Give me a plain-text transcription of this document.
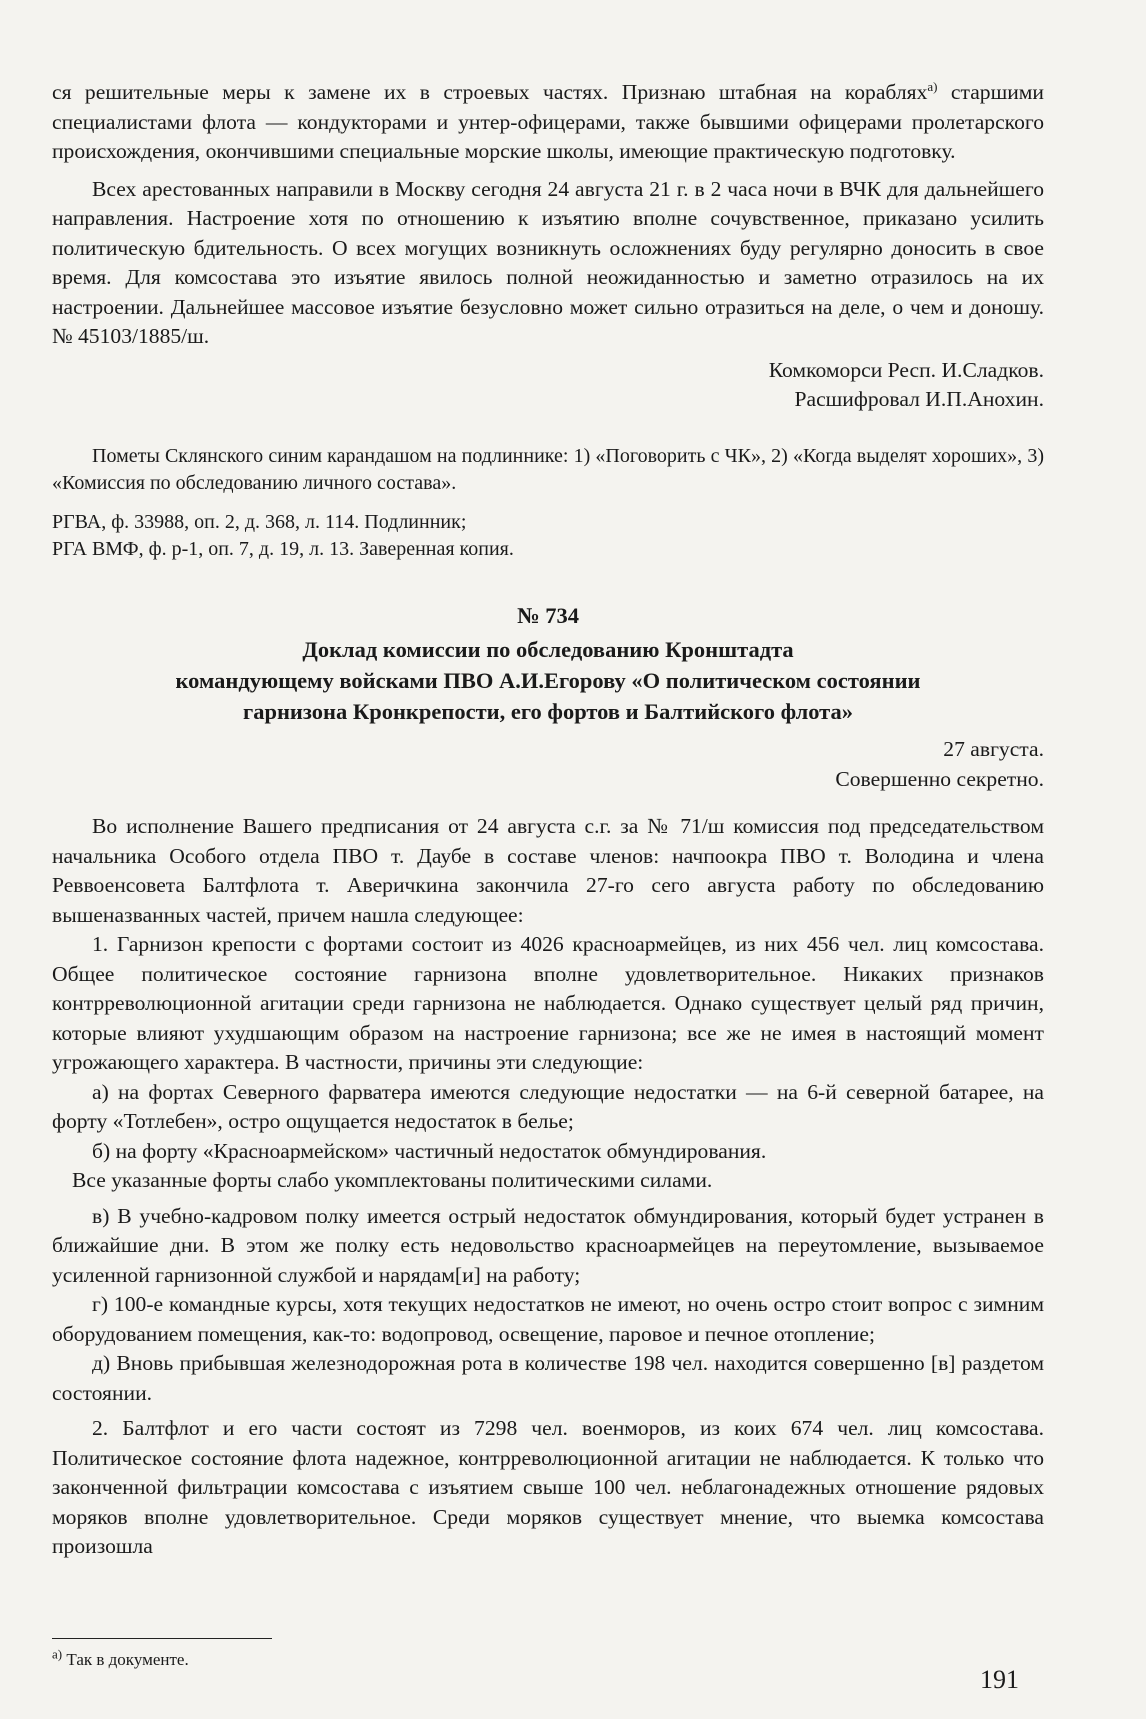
ся решительные меры к замене их в строевых частях. Признаю штабная на кораблях$^{а)}$ старшими специалистами флота — кондукторами и унтер-офицерами, также бывшими офицерами пролетарского происхождения, окончившими специальные морские школы, имеющие практическую подготовку.

Всех арестованных направили в Москву сегодня 24 августа 21 г. в 2 часа ночи в ВЧК для дальнейшего направления. Настроение хотя по отношению к изъятию вполне сочувственное, приказано усилить политическую бдительность. О всех могущих возникнуть осложнениях буду регулярно доносить в свое время. Для комсостава это изъятие явилось полной неожиданностью и заметно отразилось на их настроении. Дальнейшее массовое изъятие безусловно может сильно отразиться на деле, о чем и доношу. № 45103/1885/ш.

Комкоморси Респ. И.Сладков.

Расшифровал И.П.Анохин.

Пометы Склянского синим карандашом на подлиннике: 1) «Поговорить с ЧК», 2) «Когда выделят хороших», 3) «Комиссия по обследованию личного состава».

РГВА, ф. 33988, оп. 2, д. 368, л. 114. Подлинник;

РГА ВМФ, ф. р-1, оп. 7, д. 19, л. 13. Заверенная копия.

№ 734
Доклад комиссии по обследованию Кронштадта
командующему войсками ПВО А.И.Егорову «О политическом состоянии
гарнизона Кронкрепости, его фортов и Балтийского флота»

27 августа.

Совершенно секретно.

Во исполнение Вашего предписания от 24 августа с.г. за № 71/ш комиссия под председательством начальника Особого отдела ПВО т. Даубе в составе членов: начпоокра ПВО т. Володина и члена Реввоенсовета Балтфлота т. Аверичкина закончила 27-го сего августа работу по обследованию вышеназванных частей, причем нашла следующее:

1. Гарнизон крепости с фортами состоит из 4026 красноармейцев, из них 456 чел. лиц комсостава. Общее политическое состояние гарнизона вполне удовлетворительное. Никаких признаков контрреволюционной агитации среди гарнизона не наблюдается. Однако существует целый ряд причин, которые влияют ухудшающим образом на настроение гарнизона; все же не имея в настоящий момент угрожающего характера. В частности, причины эти следующие:

а) на фортах Северного фарватера имеются следующие недостатки — на 6-й северной батарее, на форту «Тотлебен», остро ощущается недостаток в белье;

б) на форту «Красноармейском» частичный недостаток обмундирования.

Все указанные форты слабо укомплектованы политическими силами.

в) В учебно-кадровом полку имеется острый недостаток обмундирования, который будет устранен в ближайшие дни. В этом же полку есть недовольство красноармейцев на переутомление, вызываемое усиленной гарнизонной службой и нарядам[и] на работу;

г) 100-е командные курсы, хотя текущих недостатков не имеют, но очень остро стоит вопрос с зимним оборудованием помещения, как-то: водопровод, освещение, паровое и печное отопление;

д) Вновь прибывшая железнодорожная рота в количестве 198 чел. находится совершенно [в] раздетом состоянии.

2. Балтфлот и его части состоят из 7298 чел. военморов, из коих 674 чел. лиц комсостава. Политическое состояние флота надежное, контрреволюционной агитации не наблюдается. К только что законченной фильтрации комсостава с изъятием свыше 100 чел. неблагонадежных отношение рядовых моряков вполне удовлетворительное. Среди моряков существует мнение, что выемка комсостава произошла

$^{а)}$ Так в документе.
191
